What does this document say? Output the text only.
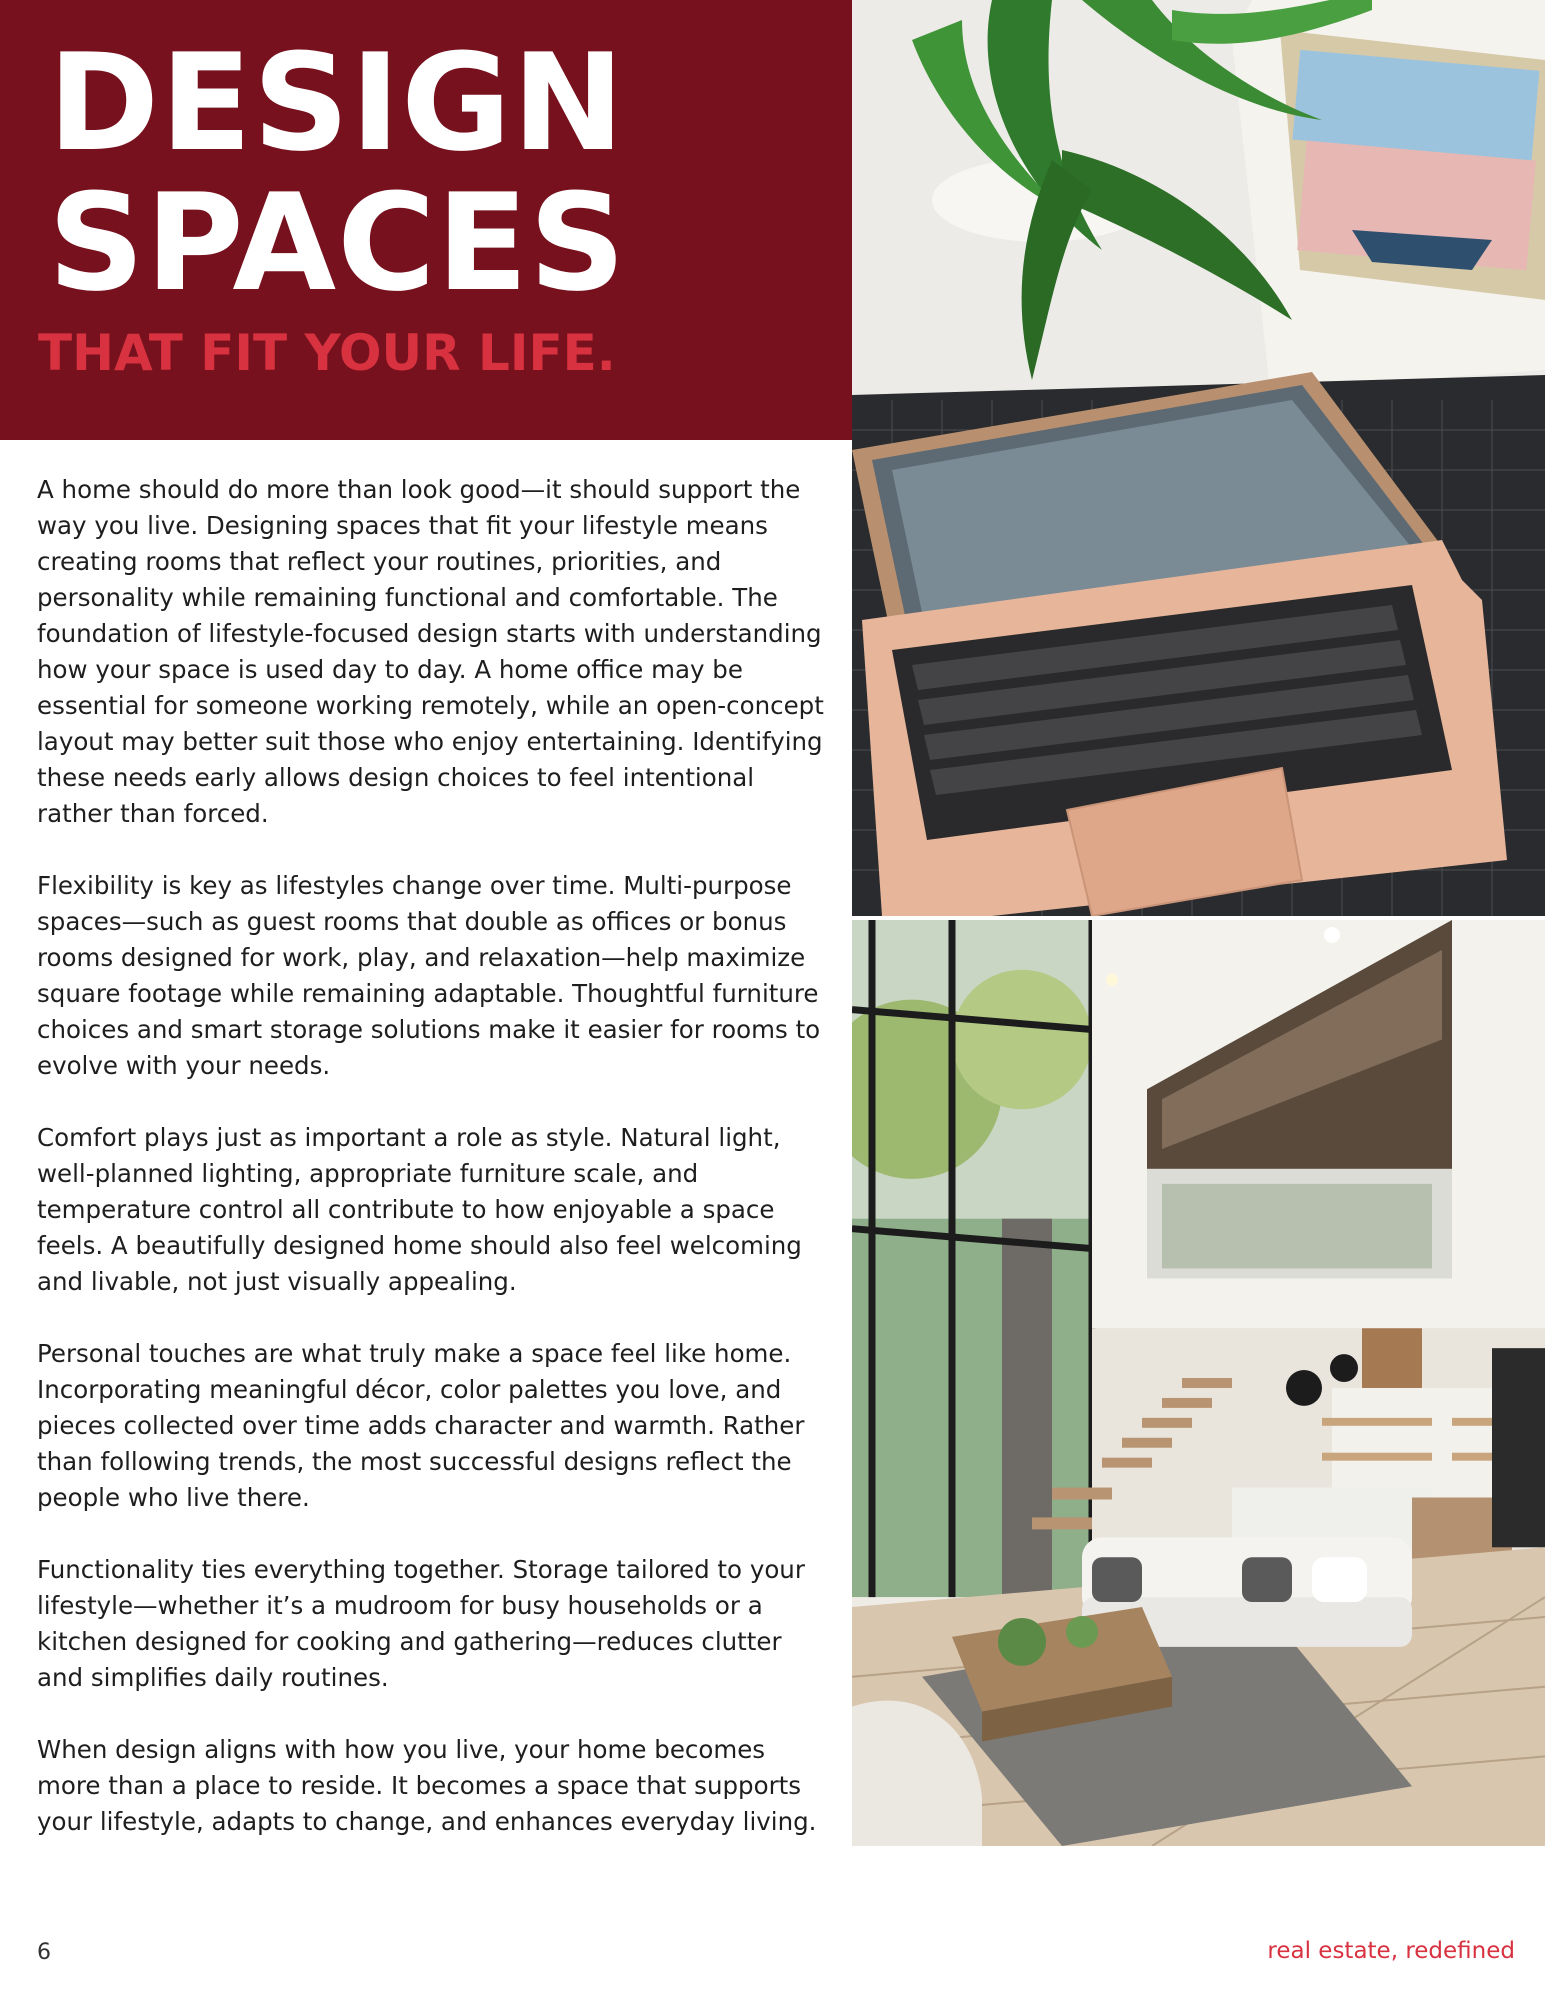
DESIGN
SPACES
THAT FIT YOUR LIFE.

A home should do more than look good—it should support the way you live. Designing spaces that fit your lifestyle means creating rooms that reflect your routines, priorities, and personality while remaining functional and comfortable. The foundation of lifestyle-focused design starts with understanding how your space is used day to day. A home office may be essential for someone working remotely, while an open-concept layout may better suit those who enjoy entertaining. Identifying these needs early allows design choices to feel intentional rather than forced.

Flexibility is key as lifestyles change over time. Multi-purpose spaces—such as guest rooms that double as offices or bonus rooms designed for work, play, and relaxation—help maximize square footage while remaining adaptable. Thoughtful furniture choices and smart storage solutions make it easier for rooms to evolve with your needs.

Comfort plays just as important a role as style. Natural light, well-planned lighting, appropriate furniture scale, and temperature control all contribute to how enjoyable a space feels. A beautifully designed home should also feel welcoming and livable, not just visually appealing.

Personal touches are what truly make a space feel like home. Incorporating meaningful décor, color palettes you love, and pieces collected over time adds character and warmth. Rather than following trends, the most successful designs reflect the people who live there.

Functionality ties everything together. Storage tailored to your lifestyle—whether it’s a mudroom for busy households or a kitchen designed for cooking and gathering—reduces clutter and simplifies daily routines.

When design aligns with how you live, your home becomes more than a place to reside. It becomes a space that supports your lifestyle, adapts to change, and enhances everyday living.

6	real estate, redefined
